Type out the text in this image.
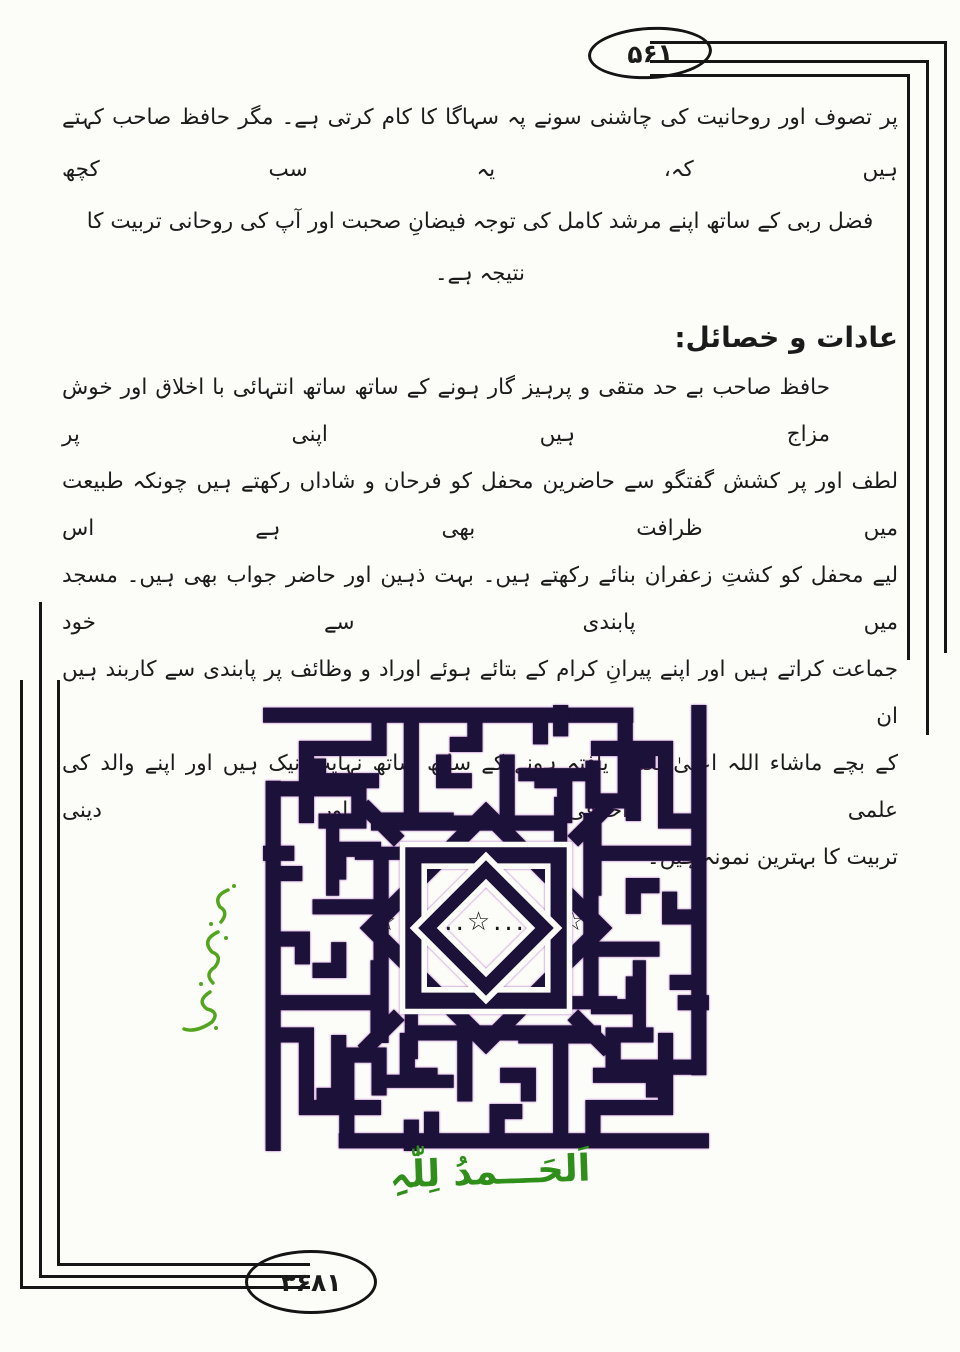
۵۶۱
۳۶۸۱
پر تصوف اور روحانیت کی چاشنی سونے پہ سہاگا کا کام کرتی ہے۔ مگر حافظ صاحب کہتے ہیں کہ، یہ سب کچھ
فضل ربی کے ساتھ اپنے مرشد کامل کی توجہ فیضانِ صحبت اور آپ کی روحانی تربیت کا نتیجہ ہے۔
عادات و خصائل:
حافظ صاحب بے حد متقی و پرہیز گار ہونے کے ساتھ ساتھ انتہائی با اخلاق اور خوش مزاج ہیں اپنی پر
لطف اور پر کشش گفتگو سے حاضرین محفل کو فرحان و شاداں رکھتے ہیں چونکہ طبیعت میں ظرافت بھی ہے اس
لیے محفل کو کشتِ زعفران بنائے رکھتے ہیں۔ بہت ذہین اور حاضر جواب بھی ہیں۔ مسجد میں پابندی سے خود
جماعت کراتے ہیں اور اپنے پیرانِ کرام کے بتائے ہوئے اوراد و وظائف پر پابندی سے کاربند ہیں ان
کے بچے ماشاء اللہ اعلیٰ تعلیم یافتہ ہونے کے ساتھ ساتھ نہایت نیک ہیں اور اپنے والد کی علمی اخلاقی اور دینی
تربیت کا بہترین نمونہ ہیں۔
☆......☆......☆
اَلحَـــمدُ لِلّٰہِ
